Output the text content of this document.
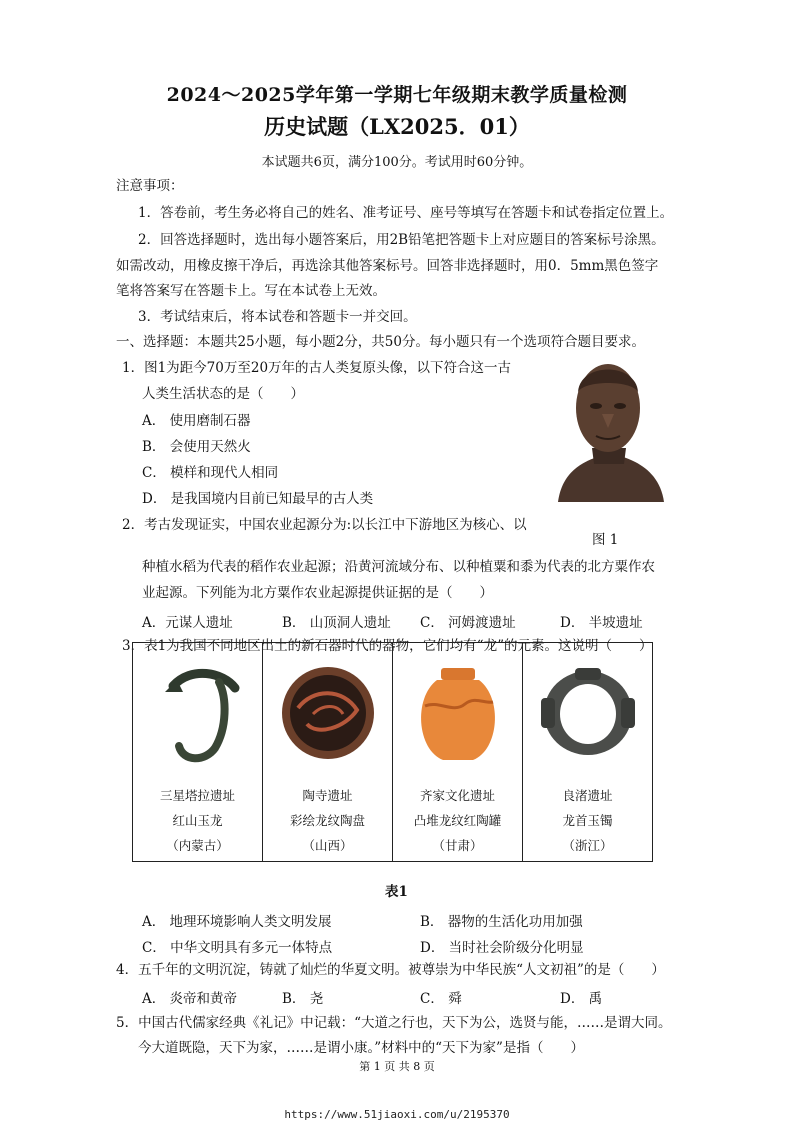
2024～2025学年第一学期七年级期末教学质量检测
历史试题（LX2025．01）
本试题共6页，满分100分。考试用时60分钟。
注意事项：
1．答卷前，考生务必将自己的姓名、准考证号、座号等填写在答题卡和试卷指定位置上。
2．回答选择题时，选出每小题答案后，用2B铅笔把答题卡上对应题目的答案标号涂黑。
如需改动，用橡皮擦干净后，再选涂其他答案标号。回答非选择题时，用0．5mm黑色签字
笔将答案写在答题卡上。写在本试卷上无效。
3．考试结束后，将本试卷和答题卡一并交回。
一、选择题：本题共25小题，每小题2分，共50分。每小题只有一个选项符合题目要求。
1．图1为距今70万至20万年的古人类复原头像，以下符合这一古
人类生活状态的是（　　）
A． 使用磨制石器
B． 会使用天然火
C． 模样和现代人相同
D． 是我国境内目前已知最早的古人类
图 1
2．考古发现证实，中国农业起源分为:以长江中下游地区为核心、以
种植水稻为代表的稻作农业起源；沿黄河流域分布、以种植粟和黍为代表的北方粟作农
业起源。下列能为北方粟作农业起源提供证据的是（　　）
A．元谋人遗址	B． 山顶洞人遗址 C． 河姆渡遗址	D． 半坡遗址
3．表1为我国不同地区出土的新石器时代的器物，它们均有“龙”的元素。这说明（　　）
三星塔拉遗址
红山玉龙
（内蒙古）

陶寺遗址
彩绘龙纹陶盘
（山西）

齐家文化遗址
凸堆龙纹红陶罐
（甘肃）

良渚遗址
龙首玉镯
（浙江）
表1
A． 地理环境影响人类文明发展	B． 器物的生活化功用加强
C． 中华文明具有多元一体特点	D． 当时社会阶级分化明显
4．五千年的文明沉淀，铸就了灿烂的华夏文明。被尊崇为中华民族“人文初祖”的是（　　）
A． 炎帝和黄帝	B． 尧	C． 舜	D． 禹
5．中国古代儒家经典《礼记》中记载：“大道之行也，天下为公，选贤与能，……是谓大同。
今大道既隐，天下为家，……是谓小康。”材料中的“天下为家”是指（　　）
第 1 页 共 8 页
https://www.51jiaoxi.com/u/2195370
